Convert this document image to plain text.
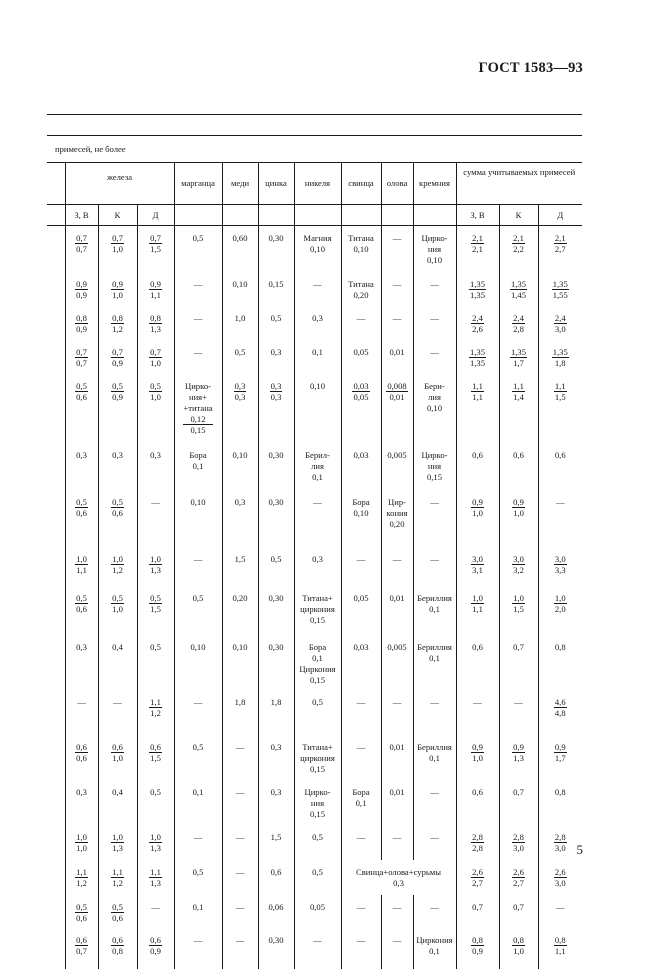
ГОСТ 1583—93

примесей, не более													
	железа			марганца	меди	цинка	никеля	свинца	олова	кремния	сумма учитываемых примесей		
	З, В	К	Д								З, В	К	Д

	$\frac{0,7}{0,7}$	$\frac{0,7}{1,0}$	$\frac{0,7}{1,5}$	0,5	0,60	0,30	Магния
0,10	Титана
0,10	—	Цирко-
ния
0,10	$\frac{2,1}{2,1}$	$\frac{2,1}{2,2}$	$\frac{2,1}{2,7}$

	$\frac{0,9}{0,9}$	$\frac{0,9}{1,0}$	$\frac{0,9}{1,1}$	—	0,10	0,15	—	Титана
0,20	—	—	$\frac{1,35}{1,35}$	$\frac{1,35}{1,45}$	$\frac{1,35}{1,55}$

	$\frac{0,8}{0,9}$	$\frac{0,8}{1,2}$	$\frac{0,8}{1,3}$	—	1,0	0,5	0,3	—	—	—	$\frac{2,4}{2,6}$	$\frac{2,4}{2,8}$	$\frac{2,4}{3,0}$

	$\frac{0,7}{0,7}$	$\frac{0,7}{0,9}$	$\frac{0,7}{1,0}$	—	0,5	0,3	0,1	0,05	0,01	—	$\frac{1,35}{1,35}$	$\frac{1,35}{1,7}$	$\frac{1,35}{1,8}$

	$\frac{0,5}{0,6}$	$\frac{0,5}{0,9}$	$\frac{0,5}{1,0}$	Цирко-
ния+
+титана
0,12
0,15	$\frac{0,3}{0,3}$	$\frac{0,3}{0,3}$	0,10	$\frac{0,03}{0,05}$	$\frac{0,008}{0,01}$	Бери-
лия
0,10	$\frac{1,1}{1,1}$	$\frac{1,1}{1,4}$	$\frac{1,1}{1,5}$

	0,3	0,3	0,3	Бора
0,1	0,10	0,30	Берил-
лия
0,1	0,03	0,005	Цирко-
ния
0,15	0,6	0,6	0,6

	$\frac{0,5}{0,6}$	$\frac{0,5}{0,6}$	—	0,10	0,3	0,30	—	Бора
0,10	Цир-
кония
0,20	—	$\frac{0,9}{1,0}$	$\frac{0,9}{1,0}$	—

	$\frac{1,0}{1,1}$	$\frac{1,0}{1,2}$	$\frac{1,0}{1,3}$	—	1,5	0,5	0,3	—	—	—	$\frac{3,0}{3,1}$	$\frac{3,0}{3,2}$	$\frac{3,0}{3,3}$

	$\frac{0,5}{0,6}$	$\frac{0,5}{1,0}$	$\frac{0,5}{1,5}$	0,5	0,20	0,30	Титана+
циркония
0,15	0,05	0,01	Бериллия
0,1	$\frac{1,0}{1,1}$	$\frac{1,0}{1,5}$	$\frac{1,0}{2,0}$

	0,3	0,4	0,5	0,10	0,10	0,30	Бора
0,1
Циркония
0,15	0,03	0,005	Бериллия
0,1	0,6	0,7	0,8
	—	—	$\frac{1,1}{1,2}$	—	1,8	1,8	0,5	—	—	—	—	—	$\frac{4,6}{4,8}$

	$\frac{0,6}{0,6}$	$\frac{0,6}{1,0}$	$\frac{0,6}{1,5}$	0,5	—	0,3	Титана+
циркония
0,15	—	0,01	Бериллия
0,1	$\frac{0,9}{1,0}$	$\frac{0,9}{1,3}$	$\frac{0,9}{1,7}$

	0,3	0,4	0,5	0,1	—	0,3	Цирко-
ния
0,15	Бора
0,1	0,01	—	0,6	0,7	0,8

	$\frac{1,0}{1,0}$	$\frac{1,0}{1,3}$	$\frac{1,0}{1,3}$	—	—	1,5	0,5	—	—	—	$\frac{2,8}{2,8}$	$\frac{2,8}{3,0}$	$\frac{2,8}{3,0}$

	$\frac{1,1}{1,2}$	$\frac{1,1}{1,2}$	$\frac{1,1}{1,3}$	0,5	—	0,6	0,5	Свинца+олова+сурьмы
0,3			$\frac{2,6}{2,7}$	$\frac{2,6}{2,7}$	$\frac{2,6}{3,0}$

	$\frac{0,5}{0,6}$	$\frac{0,5}{0,6}$	—	0,1	—	0,06	0,05	—	—	—	0,7	0,7	—

	$\frac{0,6}{0,7}$	$\frac{0,6}{0,8}$	$\frac{0,6}{0,9}$	—	—	0,30	—	—	—	Циркония
0,1	$\frac{0,8}{0,9}$	$\frac{0,8}{1,0}$	$\frac{0,8}{1,1}$
5
